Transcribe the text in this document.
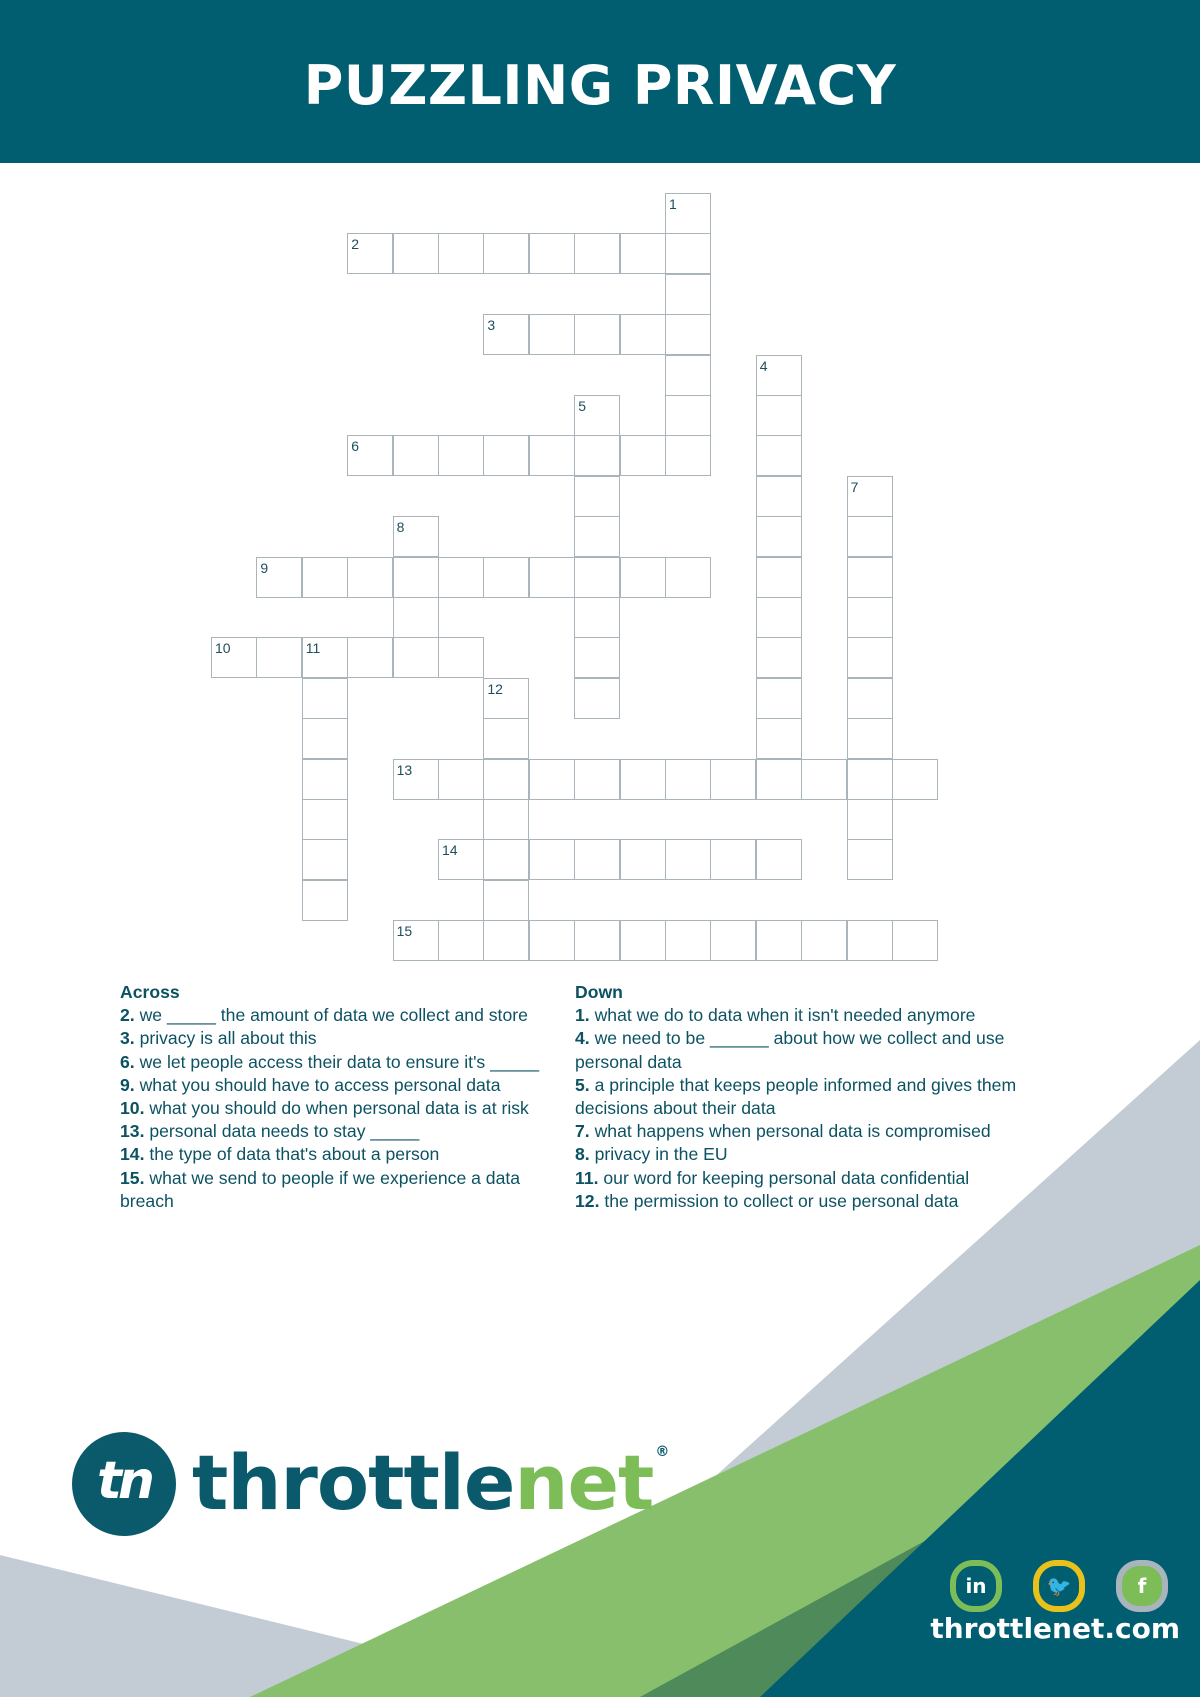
PUZZLING PRIVACY
2
3
6
9
10	11
13
14
15
1
4
5
7
8
12
Across
2. we _____ the amount of data we collect and store
3. privacy is all about this
6. we let people access their data to ensure it's _____
9. what you should have to access personal data
10. what you should do when personal data is at risk
13. personal data needs to stay _____
14. the type of data that's about a person
15. what we send to people if we experience a data breach
Down
1. what we do to data when it isn't needed anymore
4. we need to be ______ about how we collect and use personal data
5. a principle that keeps people informed and gives them decisions about their data
7. what happens when personal data is compromised
8. privacy in the EU
11. our word for keeping personal data confidential
12. the permission to collect or use personal data
tn throttlenet ®
in	🐦	f
throttlenet.com
